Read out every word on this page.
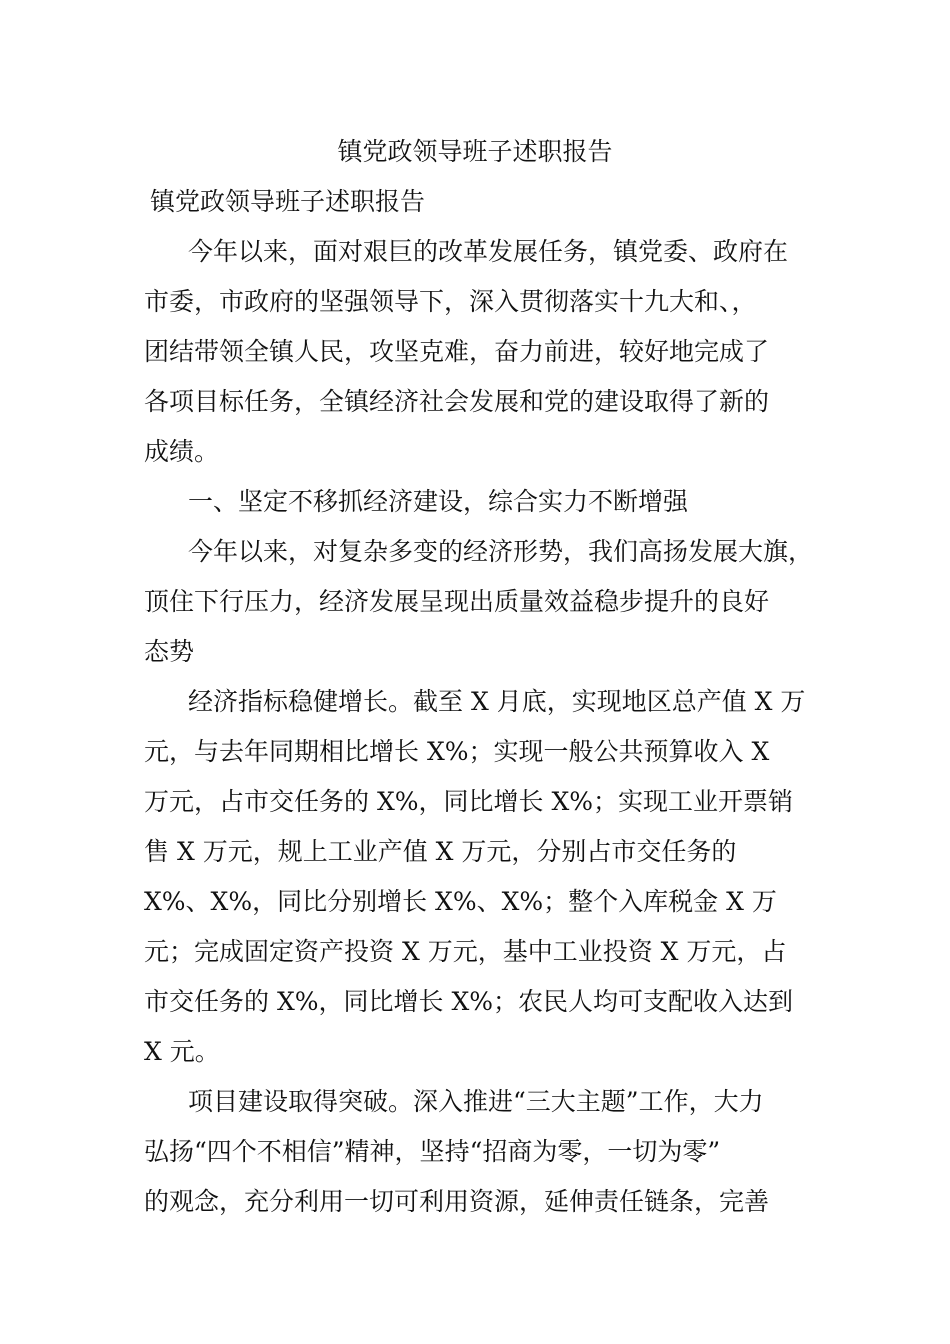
镇党政领导班子述职报告
镇党政领导班子述职报告
今年以来，面对艰巨的改革发展任务，镇党委、政府在
市委，市政府的坚强领导下，深入贯彻落实十九大和、，
团结带领全镇人民，攻坚克难，奋力前进，较好地完成了
各项目标任务，全镇经济社会发展和党的建设取得了新的
成绩。
一、坚定不移抓经济建设，综合实力不断增强
今年以来，对复杂多变的经济形势，我们高扬发展大旗，
顶住下行压力，经济发展呈现出质量效益稳步提升的良好
态势
经济指标稳健增长。截至 X 月底，实现地区总产值 X 万
元，与去年同期相比增长 X%；实现一般公共预算收入 X
万元，占市交任务的 X%，同比增长 X%；实现工业开票销
售 X 万元，规上工业产值 X 万元，分别占市交任务的
X%、X%，同比分别增长 X%、X%；整个入库税金 X 万
元；完成固定资产投资 X 万元，基中工业投资 X 万元，占
市交任务的 X%，同比增长 X%；农民人均可支配收入达到
X 元。
项目建设取得突破。深入推进“三大主题”工作，大力
弘扬“四个不相信”精神，坚持“招商为零，一切为零”
的观念，充分利用一切可利用资源，延伸责任链条，完善
